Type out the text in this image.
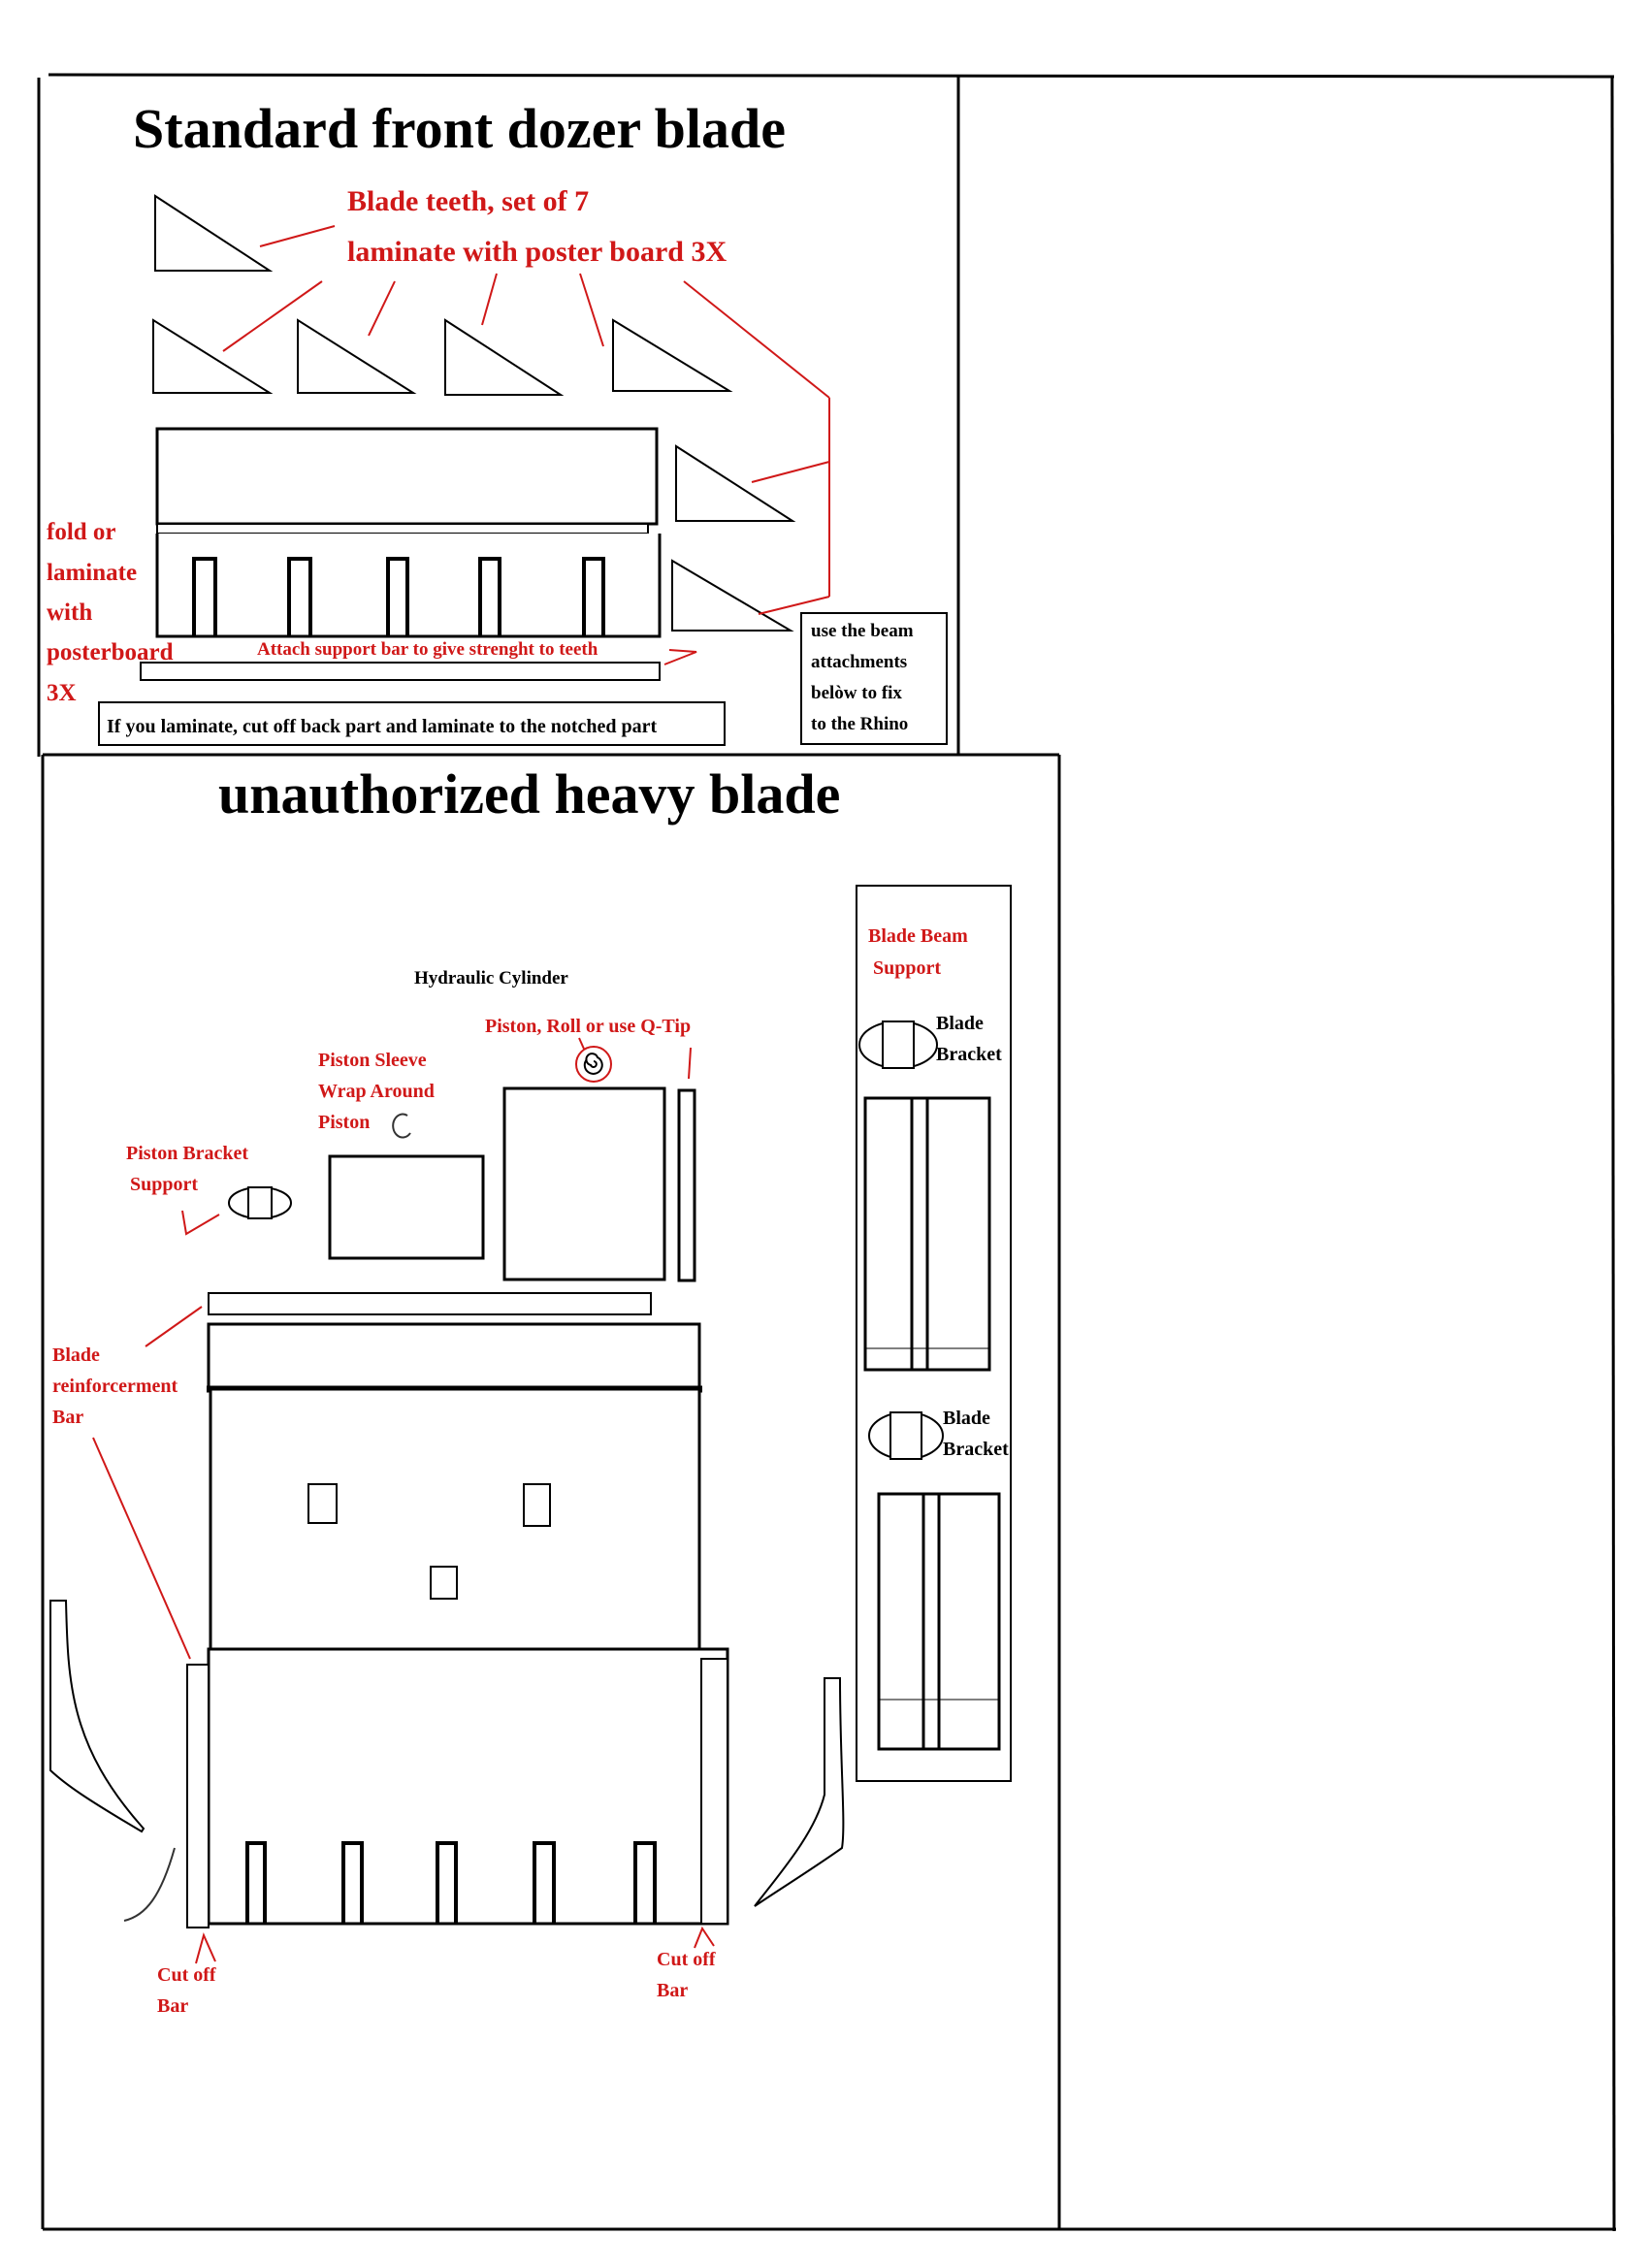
Standard front dozer blade
unauthorized heavy blade
Blade teeth, set of 7
laminate with poster board 3X
Attach support bar to give strenght to teeth
fold or
laminate
with
posterboard
3X
If you laminate, cut off back part and laminate to the notched part
use the beam
attachments
belòw to fix
to the Rhino
Hydraulic Cylinder
Piston, Roll or use Q-Tip
Piston Sleeve
Wrap Around
Piston
Piston Bracket
Support
Blade
reinforcerment
Bar
Cut off
Bar
Cut off
Bar
Blade Beam
Support
Blade
Bracket
Blade
Bracket
